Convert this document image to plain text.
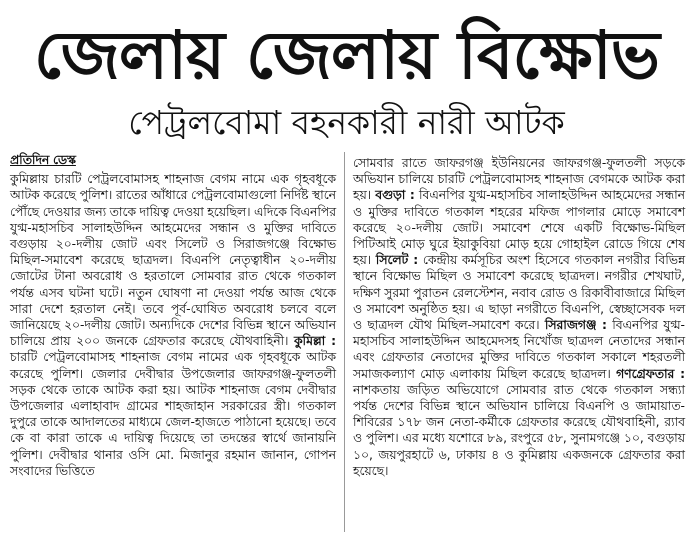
জেলায় জেলায় বিক্ষোভ
পেট্রলবোমা বহনকারী নারী আটক
প্রতিদিন ডেস্ক

কুমিল্লায় চারটি পেট্রলবোমাসহ শাহনাজ বেগম নামে এক গৃহবধূকে আটক করেছে পুলিশ। রাতের আঁধারে পেট্রলবোমাগুলো নির্দিষ্ট স্থানে পৌঁছে দেওয়ার জন্য তাকে দায়িত্ব দেওয়া হয়েছিল। এদিকে বিএনপির যুগ্ম-মহাসচিব সালাহউদ্দিন আহমেদের সন্ধান ও মুক্তির দাবিতে বগুড়ায় ২০-দলীয় জোট এবং সিলেট ও সিরাজগঞ্জে বিক্ষোভ মিছিল-সমাবেশ করেছে ছাত্রদল। বিএনপি নেতৃত্বাধীন ২০-দলীয় জোটের টানা অবরোধ ও হরতালে সোমবার রাত থেকে গতকাল পর্যন্ত এসব ঘটনা ঘটে। নতুন ঘোষণা না দেওয়া পর্যন্ত আজ থেকে সারা দেশে হরতাল নেই। তবে পূর্ব-ঘোষিত অবরোধ চলবে বলে জানিয়েছে ২০-দলীয় জোট। অন্যদিকে দেশের বিভিন্ন স্থানে অভিযান চালিয়ে প্রায় ২০০ জনকে গ্রেফতার করেছে যৌথবাহিনী। কুমিল্লা : চারটি পেট্রলবোমাসহ শাহনাজ বেগম নামের এক গৃহবধূকে আটক করেছে পুলিশ। জেলার দেবীদ্বার উপজেলার জাফরগঞ্জ-ফুলতলী সড়ক থেকে তাকে আটক করা হয়। আটক শাহনাজ বেগম দেবীদ্বার উপজেলার এলাহাবাদ গ্রামের শাহজাহান সরকারের স্ত্রী। গতকাল দুপুরে তাকে আদালতের মাধ্যমে জেল-হাজতে পাঠানো হয়েছে। তবে কে বা কারা তাকে এ দায়িত্ব দিয়েছে তা তদন্তের স্বার্থে জানায়নি পুলিশ। দেবীদ্বার থানার ওসি মো. মিজানুর রহমান জানান, গোপন সংবাদের ভিত্তিতে

সোমবার রাতে জাফরগঞ্জ ইউনিয়নের জাফরগঞ্জ-ফুলতলী সড়কে অভিযান চালিয়ে চারটি পেট্রলবোমাসহ শাহনাজ বেগমকে আটক করা হয়। বগুড়া : বিএনপির যুগ্ম-মহাসচিব সালাহউদ্দিন আহমেদের সন্ধান ও মুক্তির দাবিতে গতকাল শহরের মফিজ পাগলার মোড়ে সমাবেশ করেছে ২০-দলীয় জোট। সমাবেশ শেষে একটি বিক্ষোভ-মিছিল পিটিআই মোড় ঘুরে ইয়াকুবিয়া মোড় হয়ে গোহাইল রোডে গিয়ে শেষ হয়। সিলেট : কেন্দ্রীয় কর্মসূচির অংশ হিসেবে গতকাল নগরীর বিভিন্ন স্থানে বিক্ষোভ মিছিল ও সমাবেশ করেছে ছাত্রদল। নগরীর শেখঘাট, দক্ষিণ সুরমা পুরাতন রেলস্টেশন, নবাব রোড ও রিকাবীবাজারে মিছিল ও সমাবেশ অনুষ্ঠিত হয়। এ ছাড়া নগরীতে বিএনপি, স্বেচ্ছাসেবক দল ও ছাত্রদল যৌথ মিছিল-সমাবেশ করে। সিরাজগঞ্জ : বিএনপির যুগ্ম-মহাসচিব সালাহউদ্দিন আহমেদসহ নিখোঁজ ছাত্রদল নেতাদের সন্ধান এবং গ্রেফতার নেতাদের মুক্তির দাবিতে গতকাল সকালে শহরতলী সমাজকল্যাণ মোড় এলাকায় মিছিল করেছে ছাত্রদল। গণগ্রেফতার : নাশকতায় জড়িত অভিযোগে সোমবার রাত থেকে গতকাল সন্ধ্যা পর্যন্ত দেশের বিভিন্ন স্থানে অভিযান চালিয়ে বিএনপি ও জামায়াত-শিবিরের ১৭৮ জন নেতা-কর্মীকে গ্রেফতার করেছে যৌথবাহিনী, র‍্যাব ও পুলিশ। এর মধ্যে যশোরে ৮৯, রংপুরে ৫৮, সুনামগঞ্জে ১০, বগুড়ায় ১০, জয়পুরহাটে ৬, ঢাকায় ৪ ও কুমিল্লায় একজনকে গ্রেফতার করা হয়েছে।
